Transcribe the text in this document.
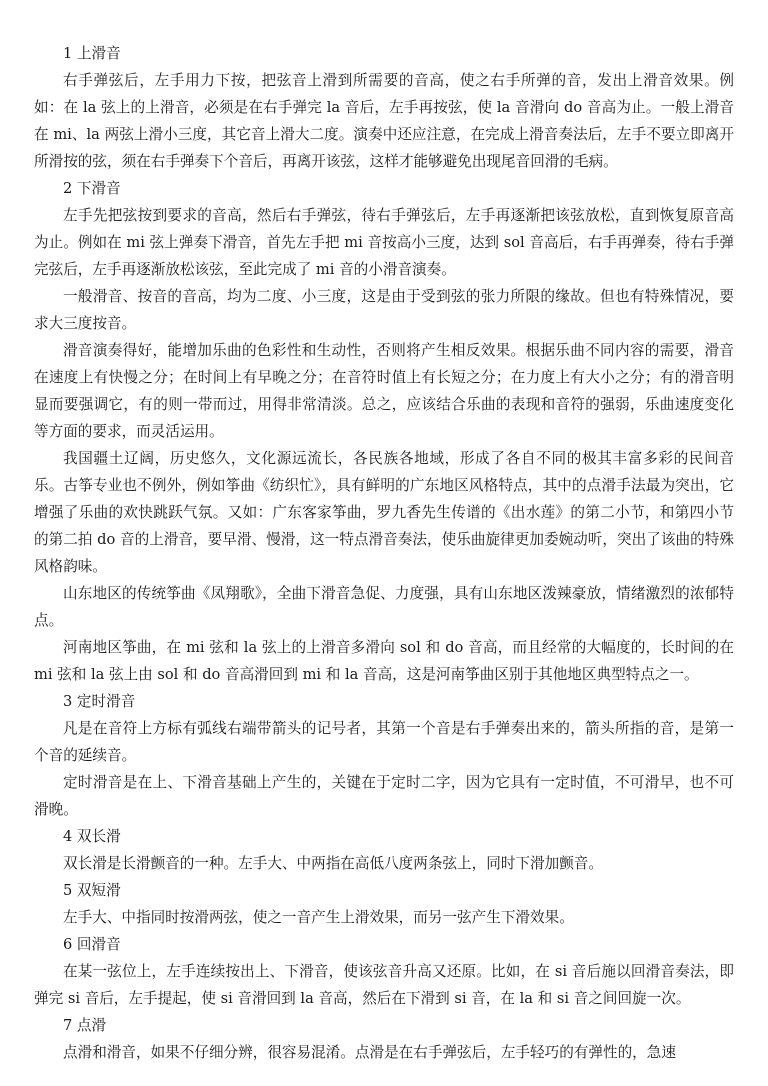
1 上滑音

右手弹弦后，左手用力下按，把弦音上滑到所需要的音高，使之右手所弹的音，发出上滑音效果。例如：在 la 弦上的上滑音，必须是在右手弹完 la 音后，左手再按弦，使 la 音滑向 do 音高为止。一般上滑音在 mi、la 两弦上滑小三度，其它音上滑大二度。演奏中还应注意，在完成上滑音奏法后，左手不要立即离开所滑按的弦，须在右手弹奏下个音后，再离开该弦，这样才能够避免出现尾音回滑的毛病。

2 下滑音

左手先把弦按到要求的音高，然后右手弹弦，待右手弹弦后，左手再逐渐把该弦放松，直到恢复原音高为止。例如在 mi 弦上弹奏下滑音，首先左手把 mi 音按高小三度，达到 sol 音高后，右手再弹奏，待右手弹完弦后，左手再逐渐放松该弦，至此完成了 mi 音的小滑音演奏。

一般滑音、按音的音高，均为二度、小三度，这是由于受到弦的张力所限的缘故。但也有特殊情况，要求大三度按音。

滑音演奏得好，能增加乐曲的色彩性和生动性，否则将产生相反效果。根据乐曲不同内容的需要，滑音在速度上有快慢之分；在时间上有早晚之分；在音符时值上有长短之分；在力度上有大小之分；有的滑音明显而要强调它，有的则一带而过，用得非常清淡。总之，应该结合乐曲的表现和音符的强弱，乐曲速度变化等方面的要求，而灵活运用。

我国疆土辽阔，历史悠久，文化源远流长，各民族各地域，形成了各自不同的极其丰富多彩的民间音乐。古筝专业也不例外，例如筝曲《纺织忙》，具有鲜明的广东地区风格特点，其中的点滑手法最为突出，它增强了乐曲的欢快跳跃气氛。又如：广东客家筝曲，罗九香先生传谱的《出水莲》的第二小节，和第四小节的第二拍 do 音的上滑音，要早滑、慢滑，这一特点滑音奏法，使乐曲旋律更加委婉动听，突出了该曲的特殊风格韵味。

山东地区的传统筝曲《凤翔歌》，全曲下滑音急促、力度强，具有山东地区泼辣豪放，情绪激烈的浓郁特点。

河南地区筝曲，在 mi 弦和 la 弦上的上滑音多滑向 sol 和 do 音高，而且经常的大幅度的，长时间的在 mi 弦和 la 弦上由 sol 和 do 音高滑回到 mi 和 la 音高，这是河南筝曲区别于其他地区典型特点之一。

3 定时滑音

凡是在音符上方标有弧线右端带箭头的记号者，其第一个音是右手弹奏出来的，箭头所指的音，是第一个音的延续音。

定时滑音是在上、下滑音基础上产生的，关键在于定时二字，因为它具有一定时值，不可滑早，也不可滑晚。

4 双长滑

双长滑是长滑颤音的一种。左手大、中两指在高低八度两条弦上，同时下滑加颤音。

5 双短滑

左手大、中指同时按滑两弦，使之一音产生上滑效果，而另一弦产生下滑效果。

6 回滑音

在某一弦位上，左手连续按出上、下滑音，使该弦音升高又还原。比如，在 si 音后施以回滑音奏法，即弹完 si 音后，左手提起，使 si 音滑回到 la 音高，然后在下滑到 si 音，在 la 和 si 音之间回旋一次。

7 点滑

点滑和滑音，如果不仔细分辨，很容易混淆。点滑是在右手弹弦后，左手轻巧的有弹性的，急速
